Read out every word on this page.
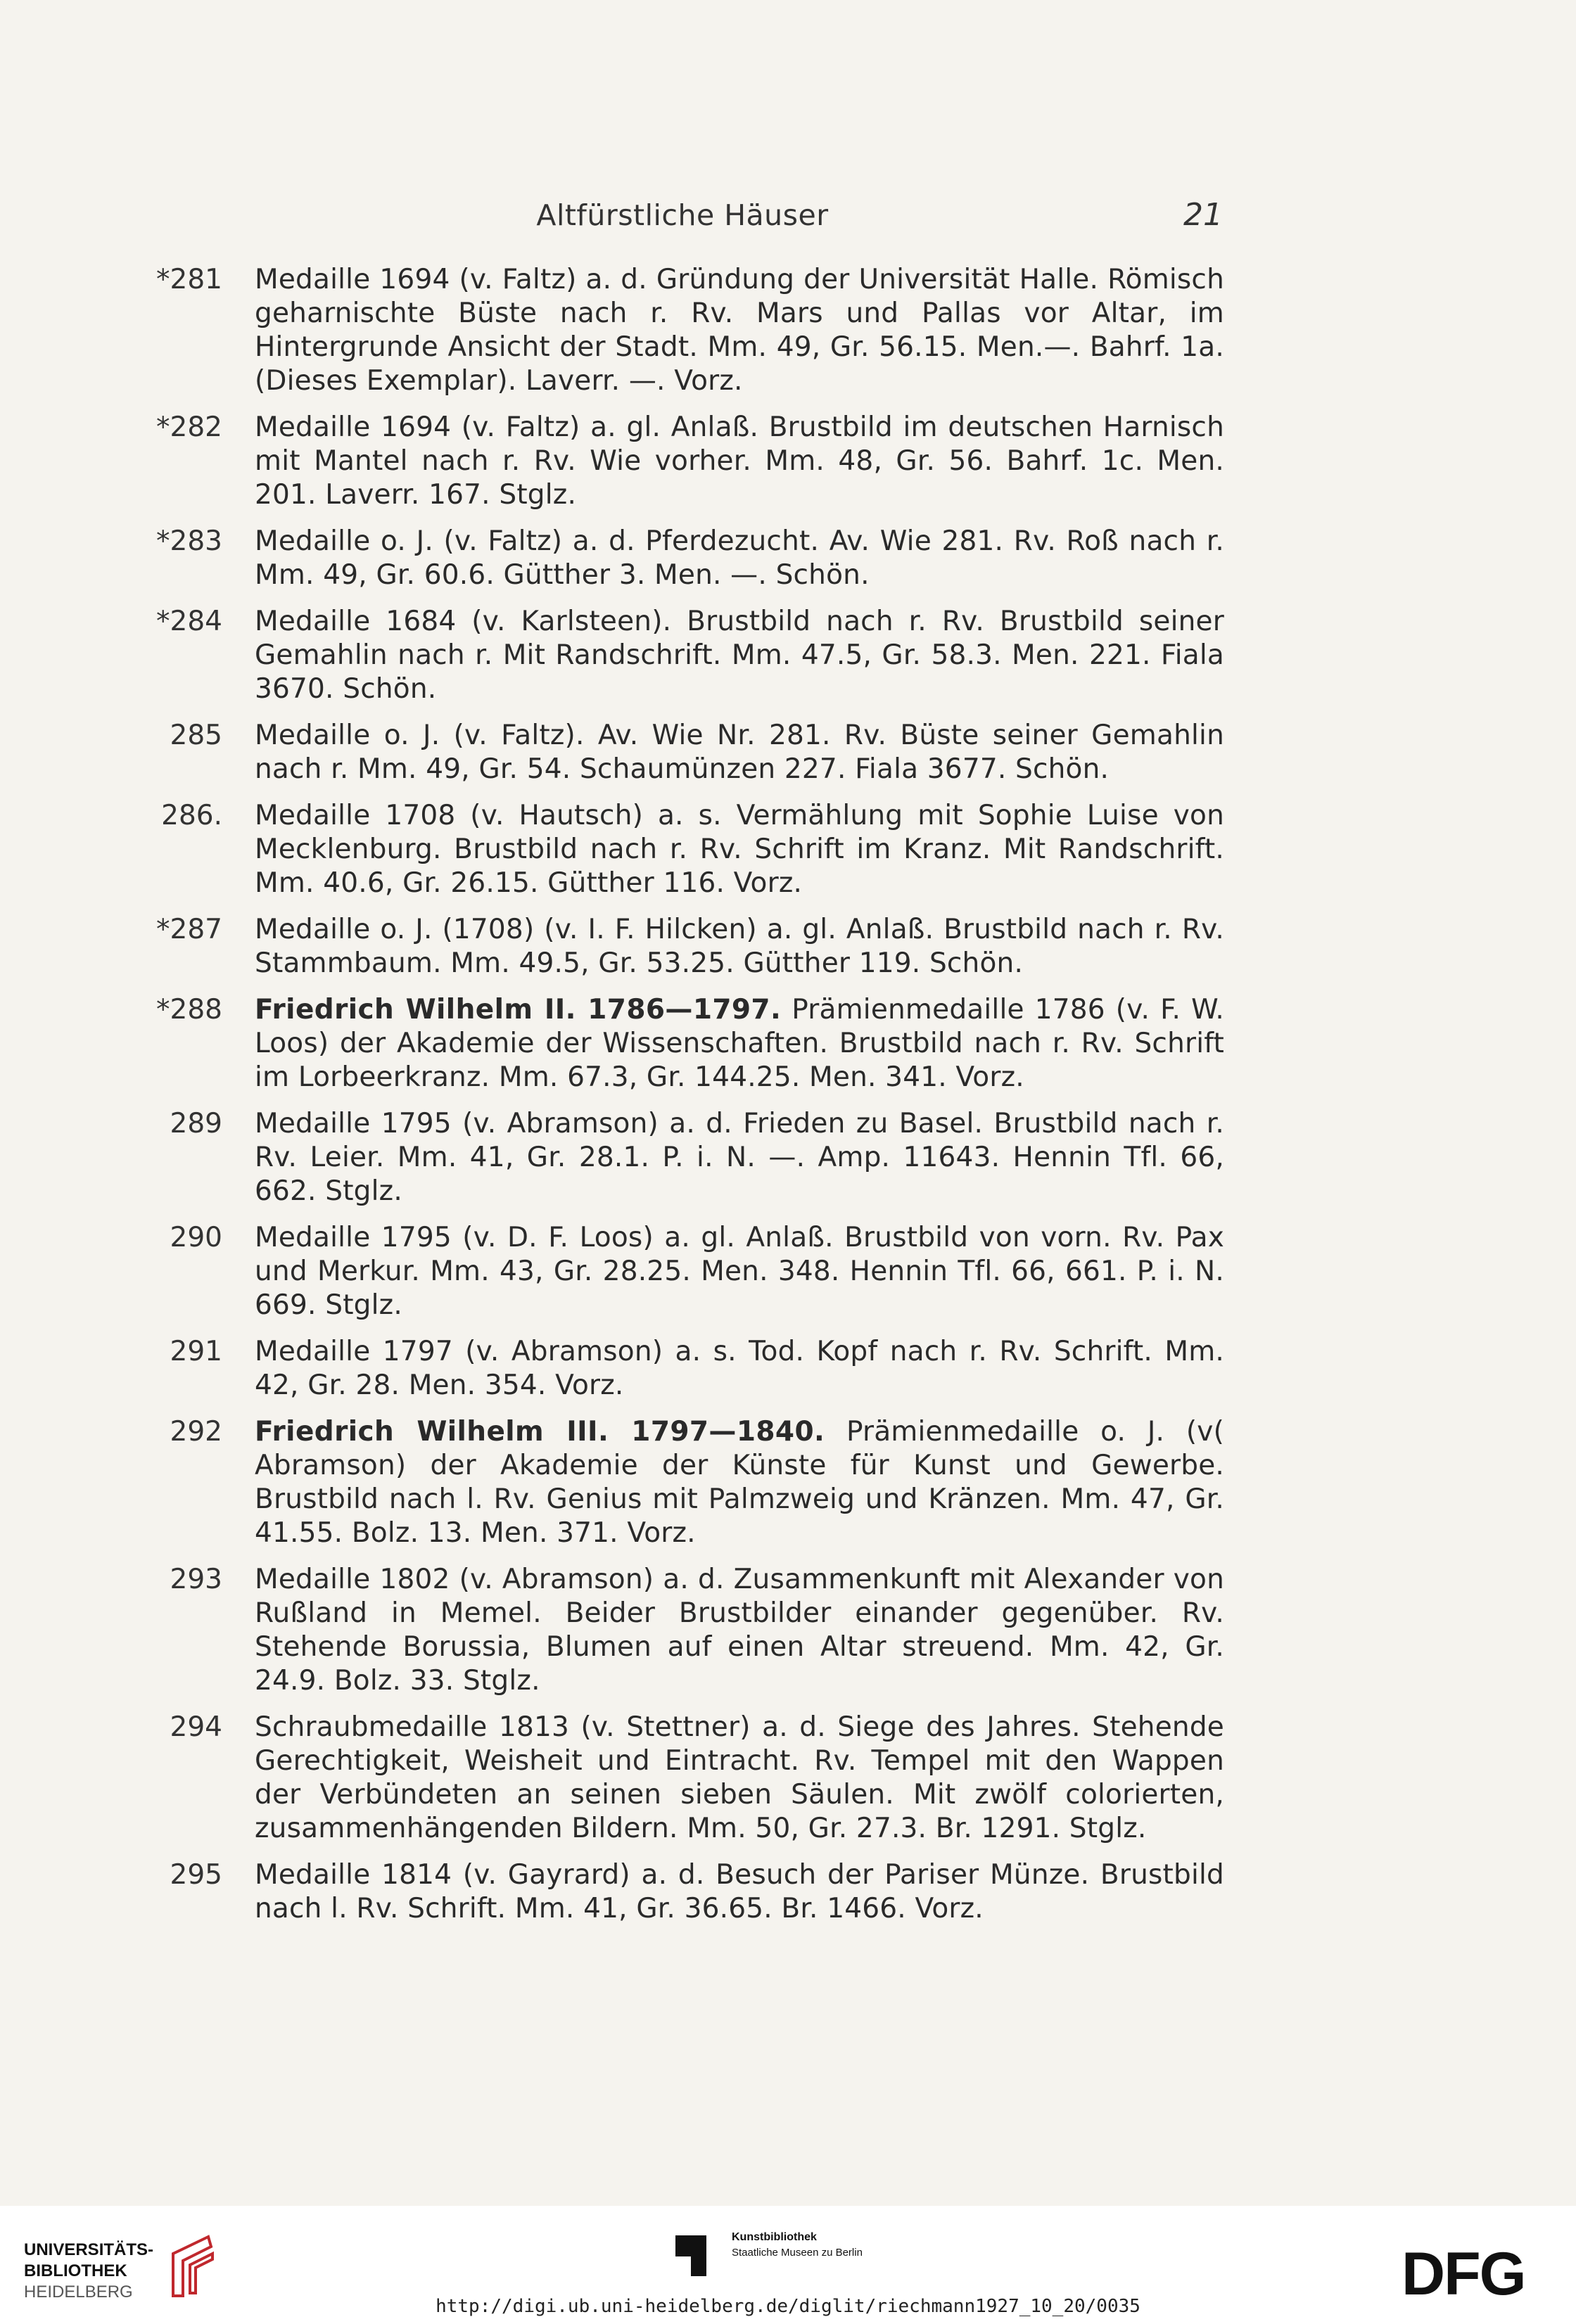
Altfürstliche Häuser	21
*281 Medaille 1694 (v. Faltz) a. d. Gründung der Universität Halle. Römisch geharnischte Büste nach r. Rv. Mars und Pallas vor Altar, im Hintergrunde Ansicht der Stadt. Mm. 49, Gr. 56.15. Men.—. Bahrf. 1a. (Dieses Exemplar). Laverr. —. Vorz.
*282 Medaille 1694 (v. Faltz) a. gl. Anlaß. Brustbild im deutschen Harnisch mit Mantel nach r. Rv. Wie vorher. Mm. 48, Gr. 56. Bahrf. 1c. Men. 201. Laverr. 167. Stglz.
*283 Medaille o. J. (v. Faltz) a. d. Pferdezucht. Av. Wie 281. Rv. Roß nach r. Mm. 49, Gr. 60.6. Gütther 3. Men. —. Schön.
*284 Medaille 1684 (v. Karlsteen). Brustbild nach r. Rv. Brustbild seiner Gemahlin nach r. Mit Randschrift. Mm. 47.5, Gr. 58.3. Men. 221. Fiala 3670. Schön.
285 Medaille o. J. (v. Faltz). Av. Wie Nr. 281. Rv. Büste seiner Gemahlin nach r. Mm. 49, Gr. 54. Schaumünzen 227. Fiala 3677. Schön.
286. Medaille 1708 (v. Hautsch) a. s. Vermählung mit Sophie Luise von Mecklenburg. Brustbild nach r. Rv. Schrift im Kranz. Mit Randschrift. Mm. 40.6, Gr. 26.15. Gütther 116. Vorz.
*287 Medaille o. J. (1708) (v. I. F. Hilcken) a. gl. Anlaß. Brustbild nach r. Rv. Stammbaum. Mm. 49.5, Gr. 53.25. Gütther 119. Schön.
*288 Friedrich Wilhelm II. 1786—1797. Prämienmedaille 1786 (v. F. W. Loos) der Akademie der Wissenschaften. Brustbild nach r. Rv. Schrift im Lorbeerkranz. Mm. 67.3, Gr. 144.25. Men. 341. Vorz.
289 Medaille 1795 (v. Abramson) a. d. Frieden zu Basel. Brustbild nach r. Rv. Leier. Mm. 41, Gr. 28.1. P. i. N. —. Amp. 11643. Hennin Tfl. 66, 662. Stglz.
290 Medaille 1795 (v. D. F. Loos) a. gl. Anlaß. Brustbild von vorn. Rv. Pax und Merkur. Mm. 43, Gr. 28.25. Men. 348. Hennin Tfl. 66, 661. P. i. N. 669. Stglz.
291 Medaille 1797 (v. Abramson) a. s. Tod. Kopf nach r. Rv. Schrift. Mm. 42, Gr. 28. Men. 354. Vorz.
292 Friedrich Wilhelm III. 1797—1840. Prämienmedaille o. J. (v( Abramson) der Akademie der Künste für Kunst und Gewerbe. Brustbild nach l. Rv. Genius mit Palmzweig und Kränzen. Mm. 47, Gr. 41.55. Bolz. 13. Men. 371. Vorz.
293 Medaille 1802 (v. Abramson) a. d. Zusammenkunft mit Alexander von Rußland in Memel. Beider Brustbilder einander gegenüber. Rv. Stehende Borussia, Blumen auf einen Altar streuend. Mm. 42, Gr. 24.9. Bolz. 33. Stglz.
294 Schraubmedaille 1813 (v. Stettner) a. d. Siege des Jahres. Stehende Gerechtigkeit, Weisheit und Eintracht. Rv. Tempel mit den Wappen der Verbündeten an seinen sieben Säulen. Mit zwölf colorierten, zusammenhängenden Bildern. Mm. 50, Gr. 27.3. Br. 1291. Stglz.
295 Medaille 1814 (v. Gayrard) a. d. Besuch der Pariser Münze. Brustbild nach l. Rv. Schrift. Mm. 41, Gr. 36.65. Br. 1466. Vorz.
UNIVERSITÄTS-
BIBLIOTHEK
HEIDELBERG
Kunstbibliothek
Staatliche Museen zu Berlin	DFG
http://digi.ub.uni-heidelberg.de/diglit/riechmann1927_10_20/0035
